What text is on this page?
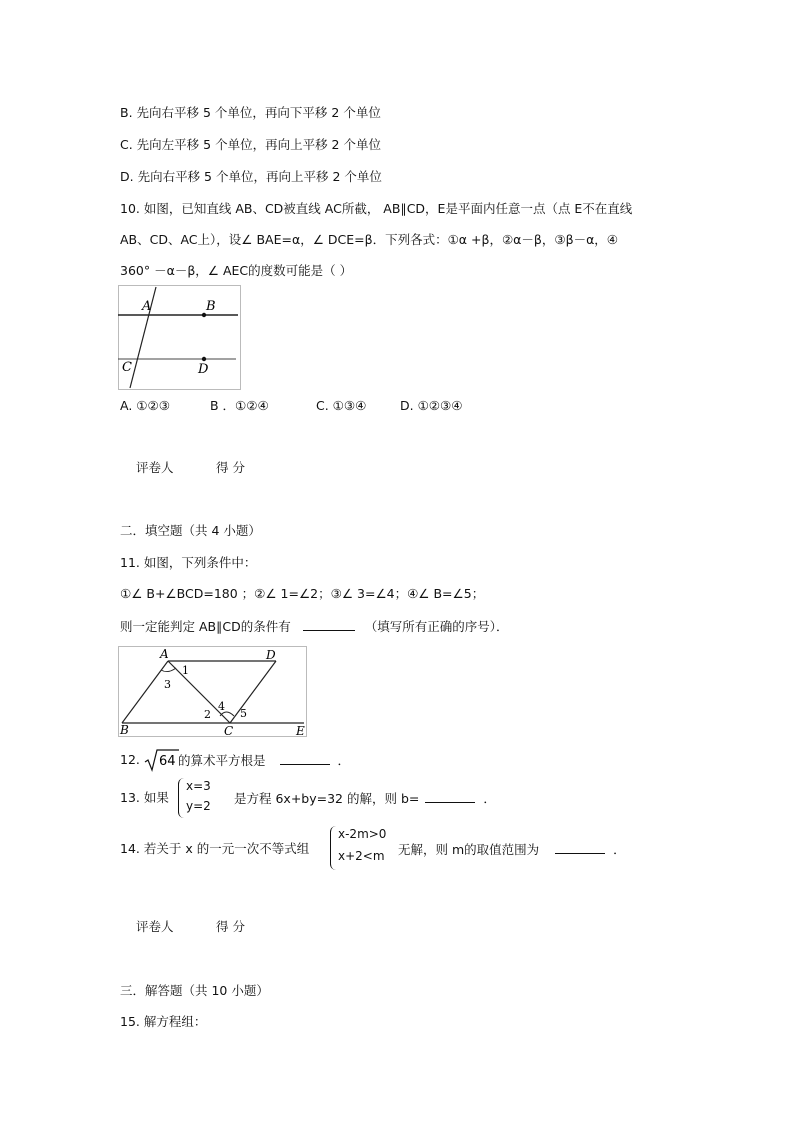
B. 先向右平移 5 个单位，再向下平移 2 个单位
C. 先向左平移 5 个单位，再向上平移 2 个单位
D. 先向右平移 5 个单位，再向上平移 2 个单位
10. 如图，已知直线 AB、CD被直线 AC所截， AB∥CD，E是平面内任意一点（点 E不在直线
AB、CD、AC上），设∠ BAE=α，∠ DCE=β．下列各式：①α +β，②α－β，③β－α，④
360° －α－β，∠ AEC的度数可能是（ ）
A	B
C	D
A. ①②③	B ．①②④	C. ①③④	D. ①②③④
评卷人	得 分
二．填空题（共 4 小题）
11. 如图，下列条件中：
①∠ B+∠BCD=180 ；②∠ 1=∠2；③∠ 3=∠4；④∠ B=∠5；
则一定能判定 AB∥CD的条件有	（填写所有正确的序号）．
A	D
B	C	E
1
2
3
4
5
12. 64 的算术平方根是	．
13. 如果
x=3
y=2 是方程 6x+by=32 的解，则 b=	．
14. 若关于 x 的一元一次不等式组
x-2m>0
x+2<m 无解，则 m的取值范围为	．
评卷人	得 分
三．解答题（共 10 小题）
15. 解方程组：
